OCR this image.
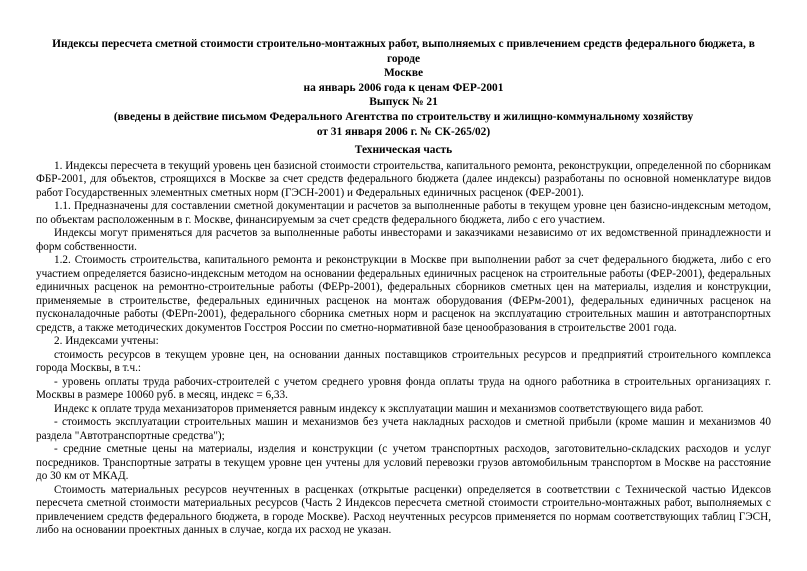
Индексы пересчета сметной стоимости строительно-монтажных работ, выполняемых с привлечением средств федерального бюджета, в городе
Москве
на январь 2006 года к ценам ФЕР-2001
Выпуск № 21
(введены в действие письмом Федерального Агентства по строительству и жилищно-коммунальному хозяйству
от 31 января 2006 г. № СК-265/02)
Техническая часть

1. Индексы пересчета в текущий уровень цен базисной стоимости строительства, капитального ремонта, реконструкции, определенной по сборникам ФБР-2001, для объектов, строящихся в Москве за счет средств федерального бюджета (далее индексы) разработаны по основной номенклатуре видов работ Государственных элементных сметных норм (ГЭСН-2001) и Федеральных единичных расценок (ФЕР-2001).

1.1. Предназначены для составлении сметной документации и расчетов за выполненные работы в текущем уровне цен базисно-индексным методом, по объектам расположенным в г. Москве, финансируемым за счет средств федерального бюджета, либо с его участием.

Индексы могут применяться для расчетов за выполненные работы инвесторами и заказчиками независимо от их ведомственной принадлежности и форм собственности.

1.2. Стоимость строительства, капитального ремонта и реконструкции в Москве при выполнении работ за счет федерального бюджета, либо с его участием определяется базисно-индексным методом на основании федеральных единичных расценок на строительные работы (ФЕР-2001), федеральных единичных расценок на ремонтно-строительные работы (ФЕРр-2001), федеральных сборников сметных цен на материалы, изделия и конструкции, применяемые в строительстве, федеральных единичных расценок на монтаж оборудования (ФЕРм-2001), федеральных единичных расценок на пусконаладочные работы (ФЕРп-2001), федерального сборника сметных норм и расценок на эксплуатацию строительных машин и автотранспортных средств, а также методических документов Госстроя России по сметно-нормативной базе ценообразования в строительстве 2001 года.

2. Индексами учтены:

стоимость ресурсов в текущем уровне цен, на основании данных поставщиков строительных ресурсов и предприятий строительного комплекса города Москвы, в т.ч.:

- уровень оплаты труда рабочих-строителей с учетом среднего уровня фонда оплаты труда на одного работника в строительных организациях г. Москвы в размере 10060 руб. в месяц, индекс = 6,33.

Индекс к оплате труда механизаторов применяется равным индексу к эксплуатации машин и механизмов соответствующего вида работ.

- стоимость эксплуатации строительных машин и механизмов без учета накладных расходов и сметной прибыли (кроме машин и механизмов 40 раздела "Автотранспортные средства");

- средние сметные цены на материалы, изделия и конструкции (с учетом транспортных расходов, заготовительно-складских расходов и услуг посредников. Транспортные затраты в текущем уровне цен учтены для условий перевозки грузов автомобильным транспортом в Москве на расстояние до 30 км от МКАД.

Стоимость материальных ресурсов неучтенных в расценках (открытые расценки) определяется в соответствии с Технической частью Идексов пересчета сметной стоимости материальных ресурсов (Часть 2 Индексов пересчета сметной стоимости строительно-монтажных работ, выполняемых с привлечением средств федерального бюджета, в городе Москве). Расход неучтенных ресурсов применяется по нормам соответствующих таблиц ГЭСН, либо на основании проектных данных в случае, когда их расход не указан.
